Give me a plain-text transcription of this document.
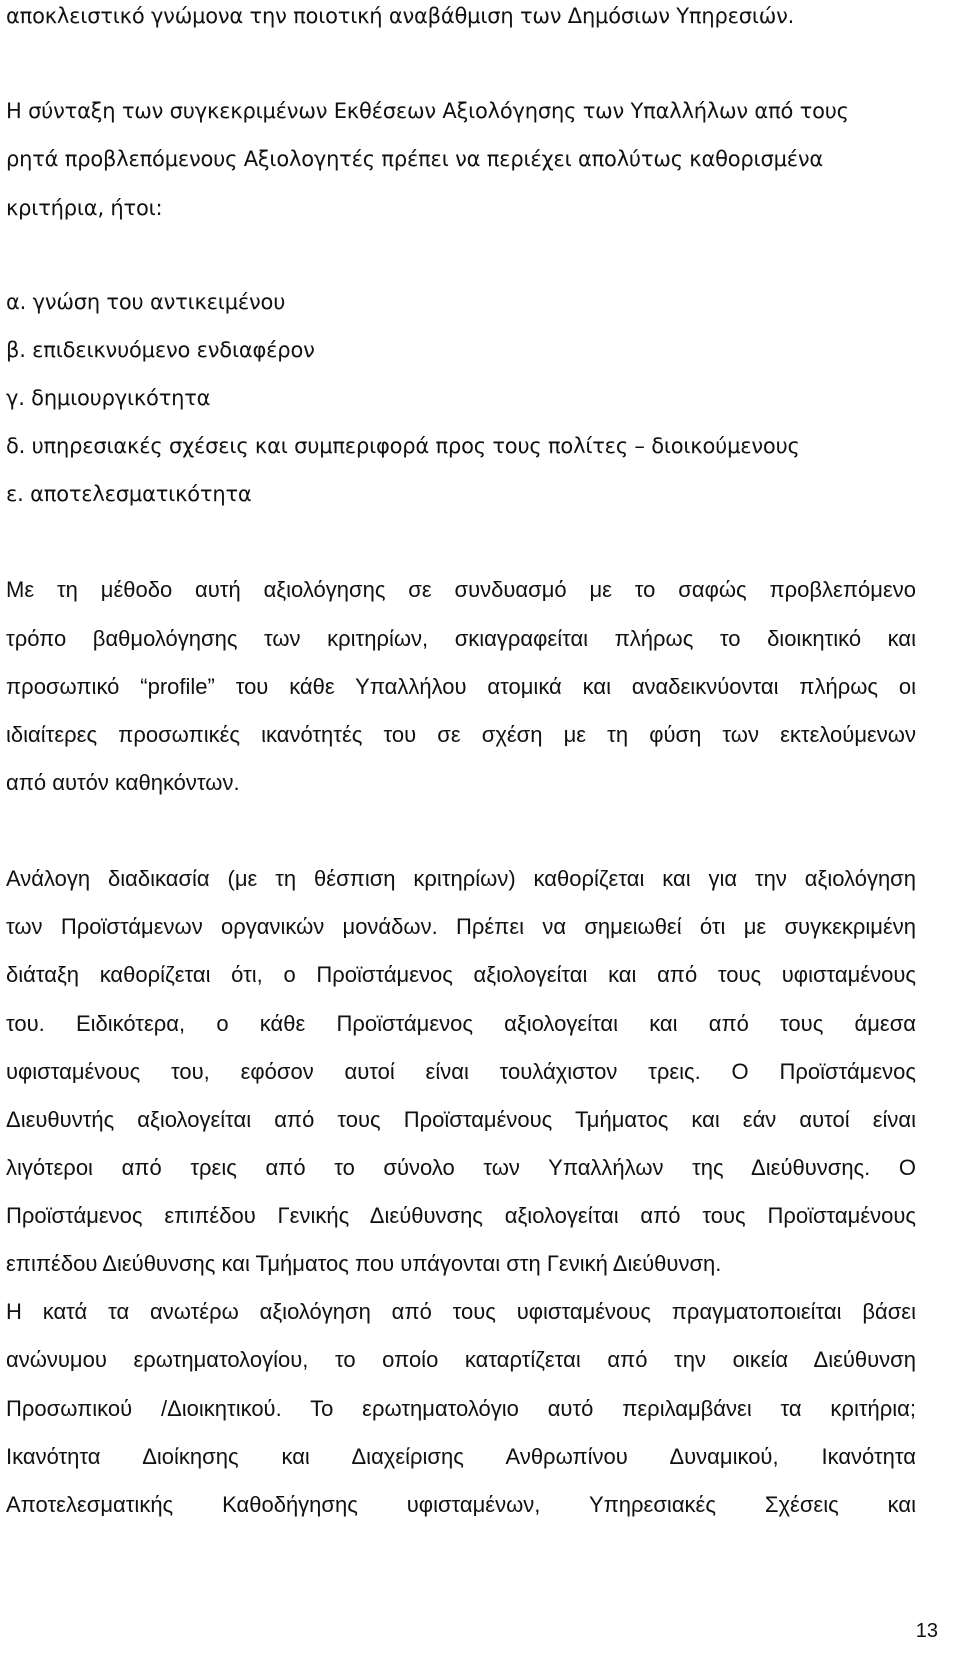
αποκλειστικό γνώμονα την ποιοτική αναβάθμιση των Δημόσιων Υπηρεσιών.
Η σύνταξη των συγκεκριμένων Εκθέσεων Αξιολόγησης των Υπαλλήλων από τους
ρητά προβλεπόμενους Αξιολογητές πρέπει να περιέχει απολύτως καθορισμένα
κριτήρια, ήτοι:
α. γνώση του αντικειμένου
β. επιδεικνυόμενο ενδιαφέρον
γ. δημιουργικότητα
δ. υπηρεσιακές σχέσεις και συμπεριφορά προς τους πολίτες – διοικούμενους
ε. αποτελεσματικότητα
Με τη μέθοδο αυτή αξιολόγησης σε συνδυασμό με το σαφώς προβλεπόμενο
τρόπο βαθμολόγησης των κριτηρίων, σκιαγραφείται πλήρως το διοικητικό και
προσωπικό “profile” του κάθε Υπαλλήλου ατομικά και αναδεικνύονται πλήρως οι
ιδιαίτερες προσωπικές ικανότητές του σε σχέση με τη φύση των εκτελούμενων
από αυτόν καθηκόντων.
Ανάλογη διαδικασία (με τη θέσπιση κριτηρίων) καθορίζεται και για την αξιολόγηση
των Προϊστάμενων οργανικών μονάδων. Πρέπει να σημειωθεί ότι με συγκεκριμένη
διάταξη καθορίζεται ότι, ο Προϊστάμενος αξιολογείται και από τους υφισταμένους
του. Ειδικότερα, ο κάθε Προϊστάμενος αξιολογείται και από τους άμεσα
υφισταμένους του, εφόσον αυτοί είναι τουλάχιστον τρεις. Ο Προϊστάμενος
Διευθυντής αξιολογείται από τους Προϊσταμένους Τμήματος και εάν αυτοί είναι
λιγότεροι από τρεις από το σύνολο των Υπαλλήλων της Διεύθυνσης. Ο
Προϊστάμενος επιπέδου Γενικής Διεύθυνσης αξιολογείται από τους Προϊσταμένους
επιπέδου Διεύθυνσης και Τμήματος που υπάγονται στη Γενική Διεύθυνση.
Η κατά τα ανωτέρω αξιολόγηση από τους υφισταμένους πραγματοποιείται βάσει
ανώνυμου ερωτηματολογίου, το οποίο καταρτίζεται από την οικεία Διεύθυνση
Προσωπικού /Διοικητικού. Το ερωτηματολόγιο αυτό περιλαμβάνει τα κριτήρια;
Ικανότητα Διοίκησης και Διαχείρισης Ανθρωπίνου Δυναμικού, Ικανότητα
Αποτελεσματικής Καθοδήγησης υφισταμένων, Υπηρεσιακές Σχέσεις και
13
